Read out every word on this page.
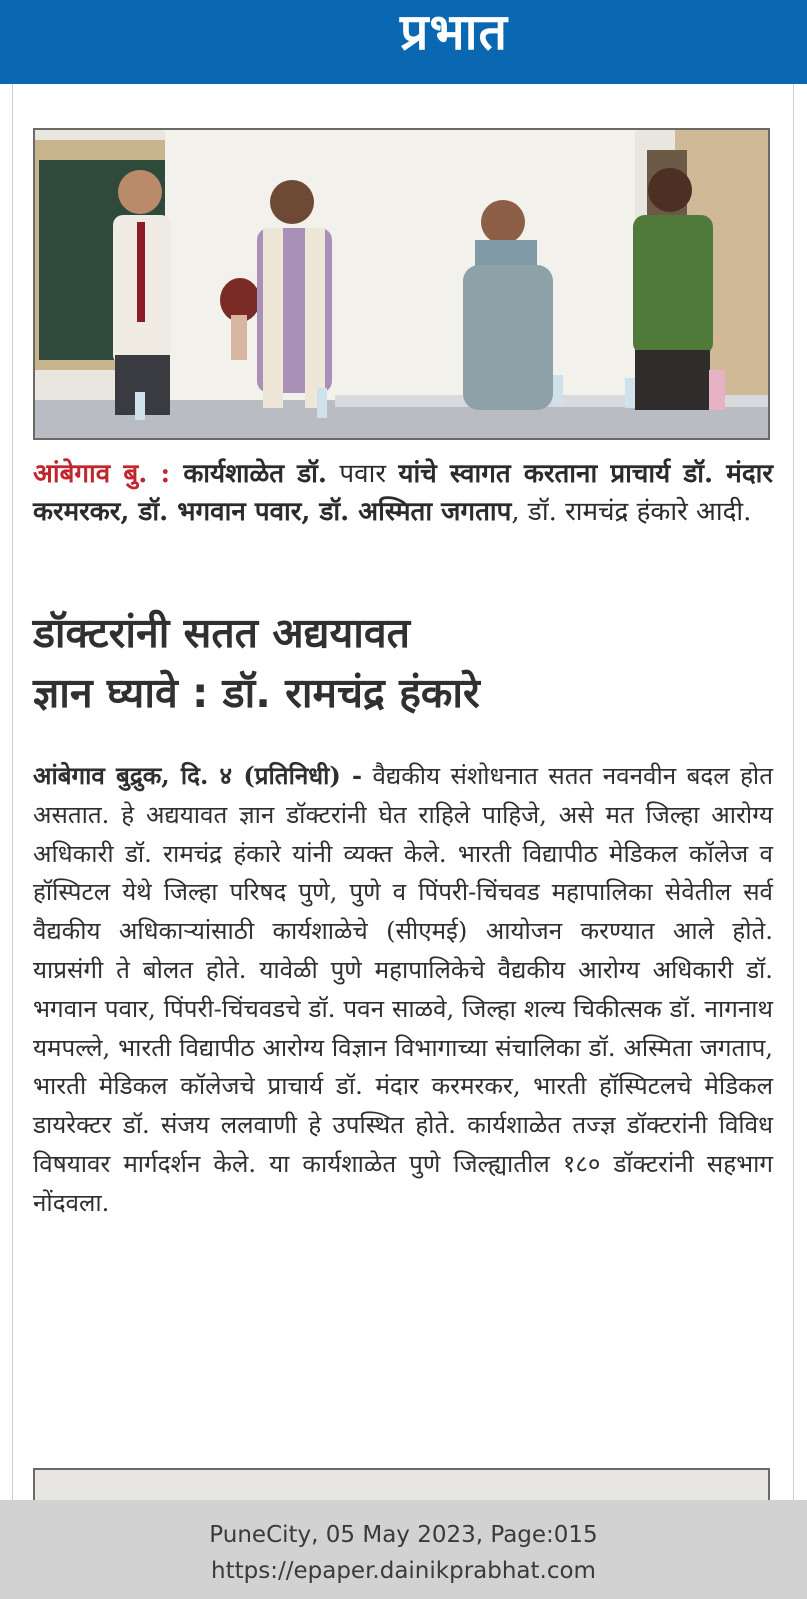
प्रभात
आंबेगाव बु. : कार्यशाळेत डॉ. पवार यांचे स्वागत करताना प्राचार्य डॉ. मंदार करमरकर, डॉ. भगवान पवार, डॉ. अस्मिता जगताप, डॉ. रामचंद्र हंकारे आदी.
डॉक्टरांनी सतत अद्ययावत
ज्ञान घ्यावे : डॉ. रामचंद्र हंकारे
आंबेगाव बुद्रुक, दि. ४ (प्रतिनिधी) - वैद्यकीय संशोधनात सतत नवनवीन बदल होत असतात. हे अद्ययावत ज्ञान डॉक्टरांनी घेत राहिले पाहिजे, असे मत जिल्हा आरोग्य अधिकारी डॉ. रामचंद्र हंकारे यांनी व्यक्त केले. भारती विद्यापीठ मेडिकल कॉलेज व हॉस्पिटल येथे जिल्हा परिषद पुणे, पुणे व पिंपरी-चिंचवड महापालिका सेवेतील सर्व वैद्यकीय अधिकाऱ्यांसाठी कार्यशाळेचे (सीएमई) आयोजन करण्यात आले होते. याप्रसंगी ते बोलत होते. यावेळी पुणे महापालिकेचे वैद्यकीय आरोग्य अधिकारी डॉ. भगवान पवार, पिंपरी-चिंचवडचे डॉ. पवन साळवे, जिल्हा शल्य चिकीत्सक डॉ. नागनाथ यमपल्ले, भारती विद्यापीठ आरोग्य विज्ञान विभागाच्या संचालिका डॉ. अस्मिता जगताप, भारती मेडिकल कॉलेजचे प्राचार्य डॉ. मंदार करमरकर, भारती हॉस्पिटलचे मेडिकल डायरेक्टर डॉ. संजय ललवाणी हे उपस्थित होते. कार्यशाळेत तज्ज्ञ डॉक्टरांनी विविध विषयावर मार्गदर्शन केले. या कार्यशाळेत पुणे जिल्ह्यातील १८० डॉक्टरांनी सहभाग नोंदवला.
PuneCity, 05 May 2023, Page:015
https://epaper.dainikprabhat.com
